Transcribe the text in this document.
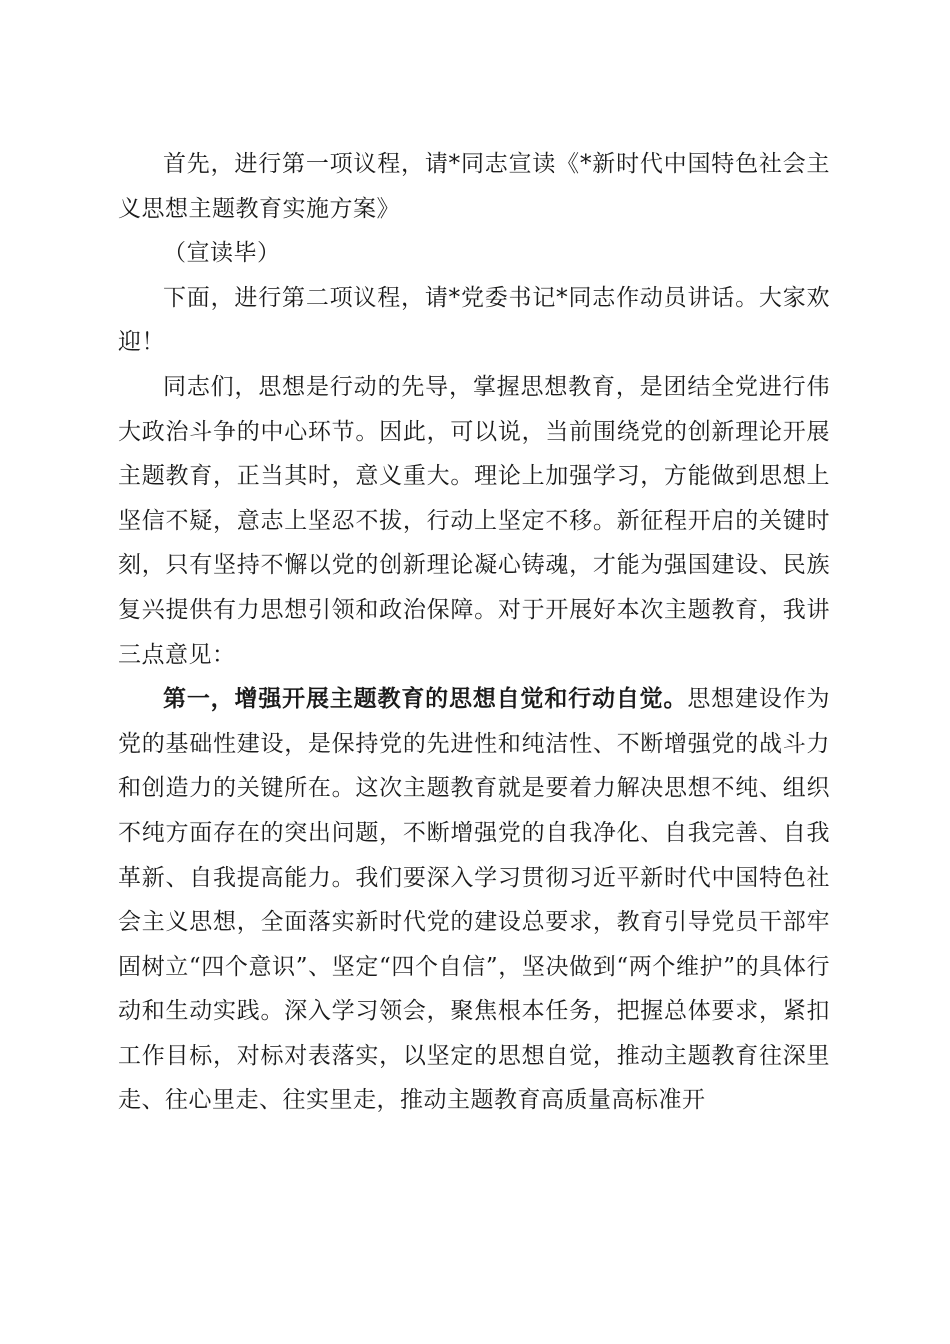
首先，进行第一项议程，请*同志宣读《*新时代中国特色社会主义思想主题教育实施方案》

（宣读毕）

下面，进行第二项议程，请*党委书记*同志作动员讲话。大家欢迎！

同志们，思想是行动的先导，掌握思想教育，是团结全党进行伟大政治斗争的中心环节。因此，可以说，当前围绕党的创新理论开展主题教育，正当其时，意义重大。理论上加强学习，方能做到思想上坚信不疑，意志上坚忍不拔，行动上坚定不移。新征程开启的关键时刻，只有坚持不懈以党的创新理论凝心铸魂，才能为强国建设、民族复兴提供有力思想引领和政治保障。对于开展好本次主题教育，我讲三点意见：

第一，增强开展主题教育的思想自觉和行动自觉。思想建设作为党的基础性建设，是保持党的先进性和纯洁性、不断增强党的战斗力和创造力的关键所在。这次主题教育就是要着力解决思想不纯、组织不纯方面存在的突出问题，不断增强党的自我净化、自我完善、自我革新、自我提高能力。我们要深入学习贯彻习近平新时代中国特色社会主义思想，全面落实新时代党的建设总要求，教育引导党员干部牢固树立“四个意识”、坚定“四个自信”，坚决做到“两个维护”的具体行动和生动实践。深入学习领会，聚焦根本任务，把握总体要求，紧扣工作目标，对标对表落实，以坚定的思想自觉，推动主题教育往深里走、往心里走、往实里走，推动主题教育高质量高标准开
